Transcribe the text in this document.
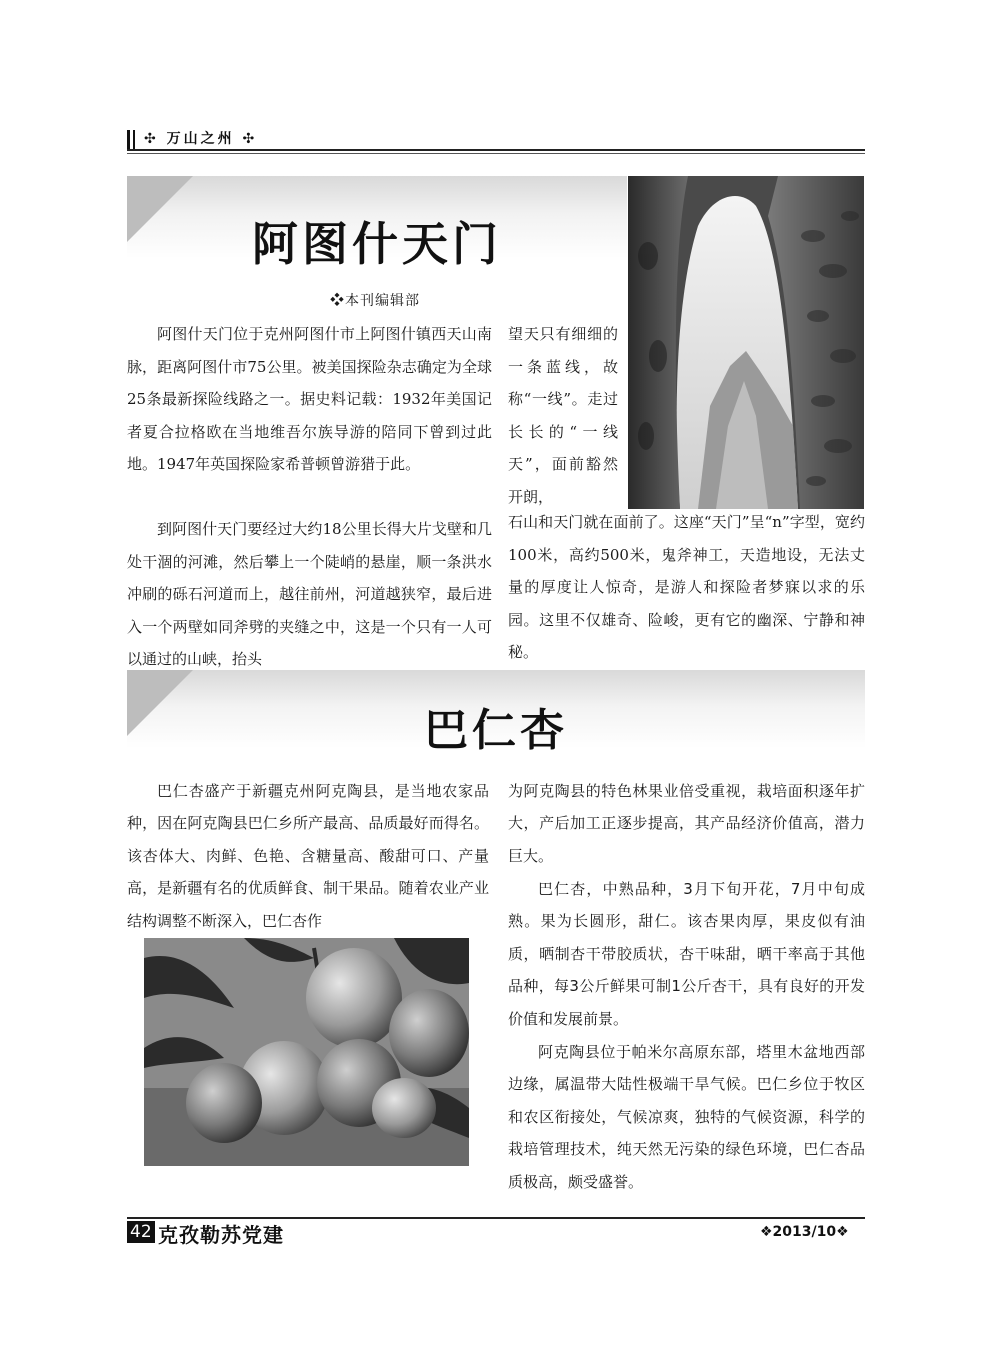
✣ 万山之州 ✣
阿图什天门
❖本刊编辑部

阿图什天门位于克州阿图什市上阿图什镇西天山南脉，距离阿图什市75公里。被美国探险杂志确定为全球25条最新探险线路之一。据史料记载：1932年美国记者夏合拉格欧在当地维吾尔族导游的陪同下曾到过此地。1947年英国探险家希普顿曾游猎于此。

到阿图什天门要经过大约18公里长得大片戈壁和几处干涸的河滩，然后攀上一个陡峭的悬崖，顺一条洪水冲刷的砾石河道而上，越往前州，河道越狭窄，最后进入一个两壁如同斧劈的夹缝之中，这是一个只有一人可以通过的山峡，抬头

望天只有细细的一条蓝线，故称“一线”。走过长长的“一线天”，面前豁然开朗，

石山和天门就在面前了。这座“天门”呈“n”字型，宽约100米，高约500米，鬼斧神工，天造地设，无法丈量的厚度让人惊奇，是游人和探险者梦寐以求的乐园。这里不仅雄奇、险峻，更有它的幽深、宁静和神秘。

巴仁杏

巴仁杏盛产于新疆克州阿克陶县，是当地农家品种，因在阿克陶县巴仁乡所产最高、品质最好而得名。该杏体大、肉鲜、色艳、含糖量高、酸甜可口、产量高，是新疆有名的优质鲜食、制干果品。随着农业产业结构调整不断深入，巴仁杏作

为阿克陶县的特色林果业倍受重视，栽培面积逐年扩大，产后加工正逐步提高，其产品经济价值高，潜力巨大。

巴仁杏，中熟品种，3月下旬开花，7月中旬成熟。果为长圆形，甜仁。该杏果肉厚，果皮似有油质，晒制杏干带胶质状，杏干味甜，晒干率高于其他品种，每3公斤鲜果可制1公斤杏干，具有良好的开发价值和发展前景。

阿克陶县位于帕米尔高原东部，塔里木盆地西部边缘，属温带大陆性极端干旱气候。巴仁乡位于牧区和农区衔接处，气候凉爽，独特的气候资源，科学的栽培管理技术，纯天然无污染的绿色环境，巴仁杏品质极高，颇受盛誉。

42 克孜勒苏党建	❖2013/10❖
